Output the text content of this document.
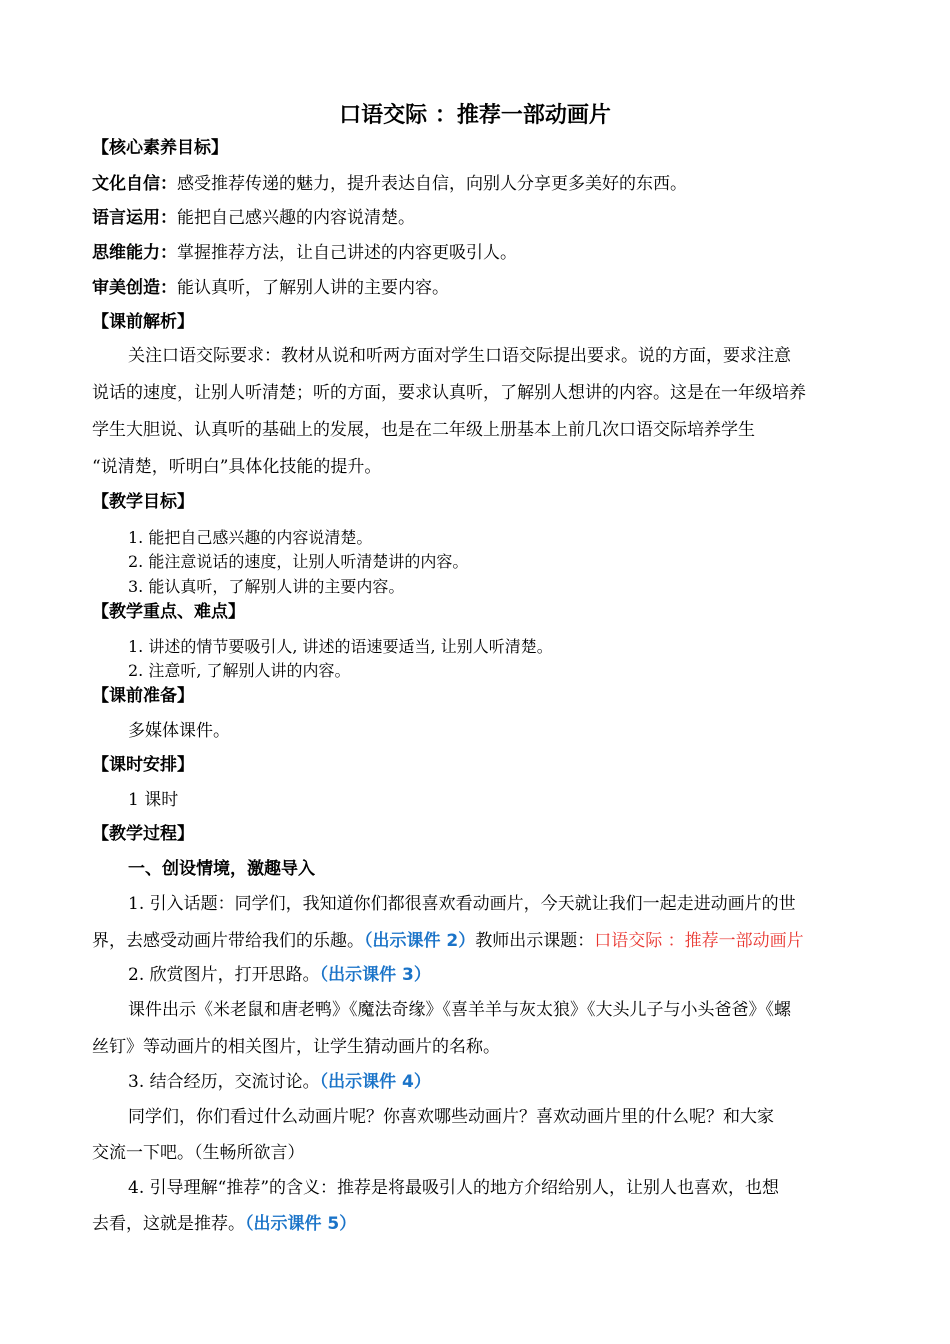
口语交际 ：推荐一部动画片
【核心素养目标】
文化自信：感受推荐传递的魅力，提升表达自信，向别人分享更多美好的东西。
语言运用：能把自己感兴趣的内容说清楚。
思维能力：掌握推荐方法，让自己讲述的内容更吸引人。
审美创造：能认真听，了解别人讲的主要内容。
【课前解析】
关注口语交际要求：教材从说和听两方面对学生口语交际提出要求。说的方面，要求注意
说话的速度，让别人听清楚；听的方面，要求认真听，了解别人想讲的内容。这是在一年级培养
学生大胆说、认真听的基础上的发展，也是在二年级上册基本上前几次口语交际培养学生
“说清楚，听明白”具体化技能的提升。
【教学目标】
1. 能把自己感兴趣的内容说清楚。
2. 能注意说话的速度，让别人听清楚讲的内容。
3. 能认真听，了解别人讲的主要内容。
【教学重点、难点】
1. 讲述的情节要吸引人, 讲述的语速要适当, 让别人听清楚。
2. 注意听, 了解别人讲的内容。
【课前准备】
多媒体课件。
【课时安排】
1 课时
【教学过程】
一、创设情境，激趣导入
1. 引入话题：同学们，我知道你们都很喜欢看动画片，今天就让我们一起走进动画片的世
界，去感受动画片带给我们的乐趣。（出示课件 2）教师出示课题：口语交际 ：推荐一部动画片
2. 欣赏图片，打开思路。（出示课件 3）
课件出示《米老鼠和唐老鸭》《魔法奇缘》《喜羊羊与灰太狼》《大头儿子与小头爸爸》《螺
丝钉》等动画片的相关图片，让学生猜动画片的名称。
3. 结合经历，交流讨论。（出示课件 4）
同学们，你们看过什么动画片呢？你喜欢哪些动画片？喜欢动画片里的什么呢？和大家
交流一下吧。（生畅所欲言）
4. 引导理解“推荐”的含义：推荐是将最吸引人的地方介绍给别人，让别人也喜欢，也想
去看，这就是推荐。（出示课件 5）
